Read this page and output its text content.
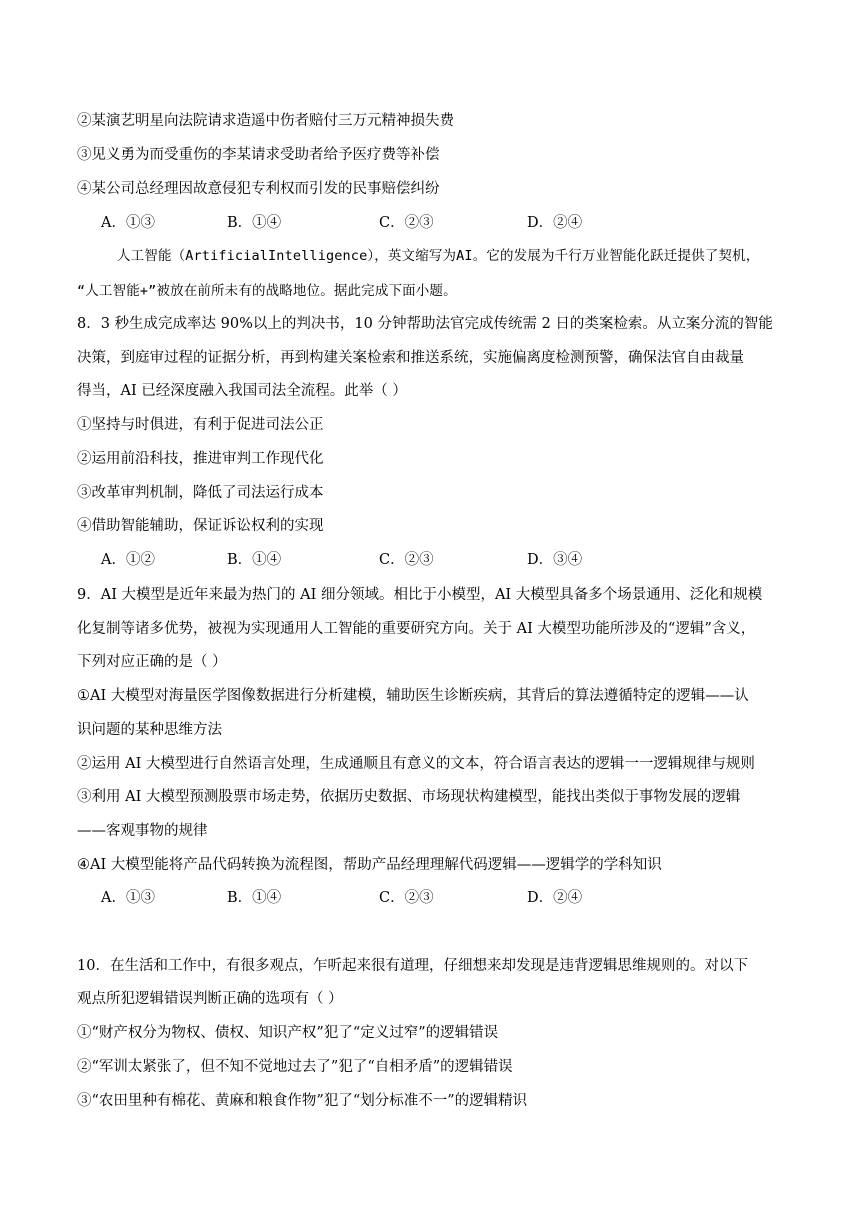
②某演艺明星向法院请求造遥中伤者赔付三万元精神损失费
③见义勇为而受重伤的李某请求受助者给予医疗费等补偿
④某公司总经理因故意侵犯专利权而引发的民事赔偿纠纷
A．①③	B．①④	C．②③	D．②④
人工智能（ArtificialIntelligence），英文缩写为AI。它的发展为千行万业智能化跃迁提供了契机，
“人工智能+”被放在前所未有的战略地位。据此完成下面小题。
8．3 秒生成完成率达 90%以上的判决书，10 分钟帮助法官完成传统需 2 日的类案检索。从立案分流的智能
决策，到庭审过程的证据分析，再到构建关案检索和推送系统，实施偏离度检测预警，确保法官自由裁量
得当，AI 已经深度融入我国司法全流程。此举（ ）
①坚持与时俱进，有利于促进司法公正
②运用前沿科技，推进审判工作现代化
③改革审判机制，降低了司法运行成本
④借助智能辅助，保证诉讼权利的实现
A．①②	B．①④	C．②③	D．③④
9．AI 大模型是近年来最为热门的 AI 细分领域。相比于小模型，AI 大模型具备多个场景通用、泛化和规模
化复制等诸多优势，被视为实现通用人工智能的重要研究方向。关于 AI 大模型功能所涉及的“逻辑”含义，
下列对应正确的是（ ）
①AI 大模型对海量医学图像数据进行分析建模，辅助医生诊断疾病，其背后的算法遵循特定的逻辑——认
识问题的某种思维方法
②运用 AI 大模型进行自然语言处理，生成通顺且有意义的文本，符合语言表达的逻辑一一逻辑规律与规则
③利用 AI 大模型预测股票市场走势，依据历史数据、市场现状构建模型，能找出类似于事物发展的逻辑
——客观事物的规律
④AI 大模型能将产品代码转换为流程图，帮助产品经理理解代码逻辑——逻辑学的学科知识
A．①③	B．①④	C．②③	D．②④
10．在生活和工作中，有很多观点，乍听起来很有道理，仔细想来却发现是违背逻辑思维规则的。对以下
观点所犯逻辑错误判断正确的选项有（ ）
①“财产权分为物权、债权、知识产权”犯了“定义过窄”的逻辑错误
②“军训太紧张了，但不知不觉地过去了”犯了“自相矛盾”的逻辑错误
③“农田里种有棉花、黄麻和粮食作物”犯了“划分标准不一”的逻辑精识
